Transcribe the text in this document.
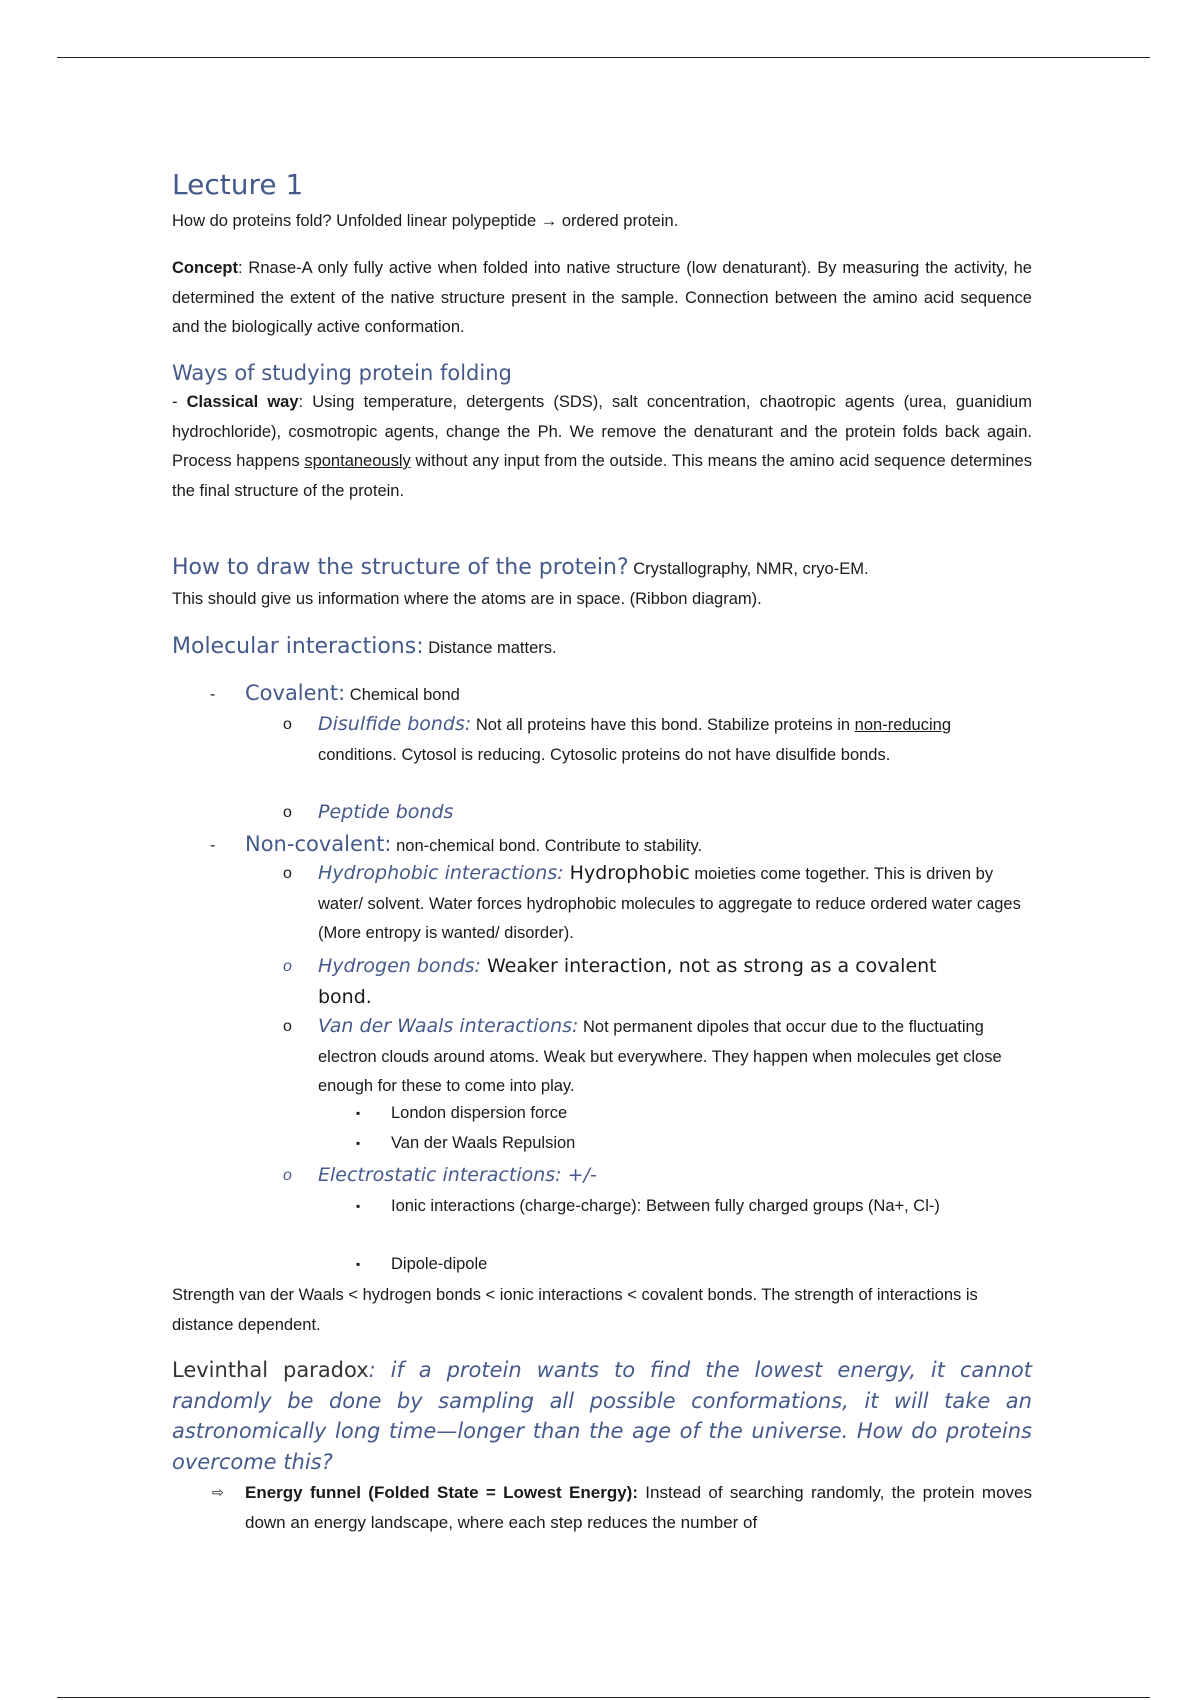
Lecture 1
How do proteins fold? Unfolded linear polypeptide → ordered protein.
Concept: Rnase-A only fully active when folded into native structure (low denaturant). By measuring the activity, he determined the extent of the native structure present in the sample. Connection between the amino acid sequence and the biologically active conformation.
Ways of studying protein folding
- Classical way: Using temperature, detergents (SDS), salt concentration, chaotropic agents (urea, guanidium hydrochloride), cosmotropic agents, change the Ph. We remove the denaturant and the protein folds back again. Process happens spontaneously without any input from the outside. This means the amino acid sequence determines the final structure of the protein.
How to draw the structure of the protein? Crystallography, NMR, cryo-EM.
This should give us information where the atoms are in space. (Ribbon diagram).
Molecular interactions: Distance matters.
- Covalent: Chemical bond
o Disulfide bonds: Not all proteins have this bond. Stabilize proteins in non-reducing conditions. Cytosol is reducing. Cytosolic proteins do not have disulfide bonds.
o Peptide bonds
- Non-covalent: non-chemical bond. Contribute to stability.
o Hydrophobic interactions: Hydrophobic moieties come together. This is driven by water/ solvent. Water forces hydrophobic molecules to aggregate to reduce ordered water cages (More entropy is wanted/ disorder).
o Hydrogen bonds: Weaker interaction, not as strong as a covalent bond.
o Van der Waals interactions: Not permanent dipoles that occur due to the fluctuating electron clouds around atoms. Weak but everywhere. They happen when molecules get close enough for these to come into play.
▪ London dispersion force
▪ Van der Waals Repulsion
o Electrostatic interactions: +/-
▪ Ionic interactions (charge-charge): Between fully charged groups (Na+, Cl-)
▪ Dipole-dipole
Strength van der Waals < hydrogen bonds < ionic interactions < covalent bonds. The strength of interactions is distance dependent.
Levinthal paradox: if a protein wants to find the lowest energy, it cannot randomly be done by sampling all possible conformations, it will take an astronomically long time—longer than the age of the universe. How do proteins overcome this?
⇨ Energy funnel (Folded State = Lowest Energy): Instead of searching randomly, the protein moves down an energy landscape, where each step reduces the number of
